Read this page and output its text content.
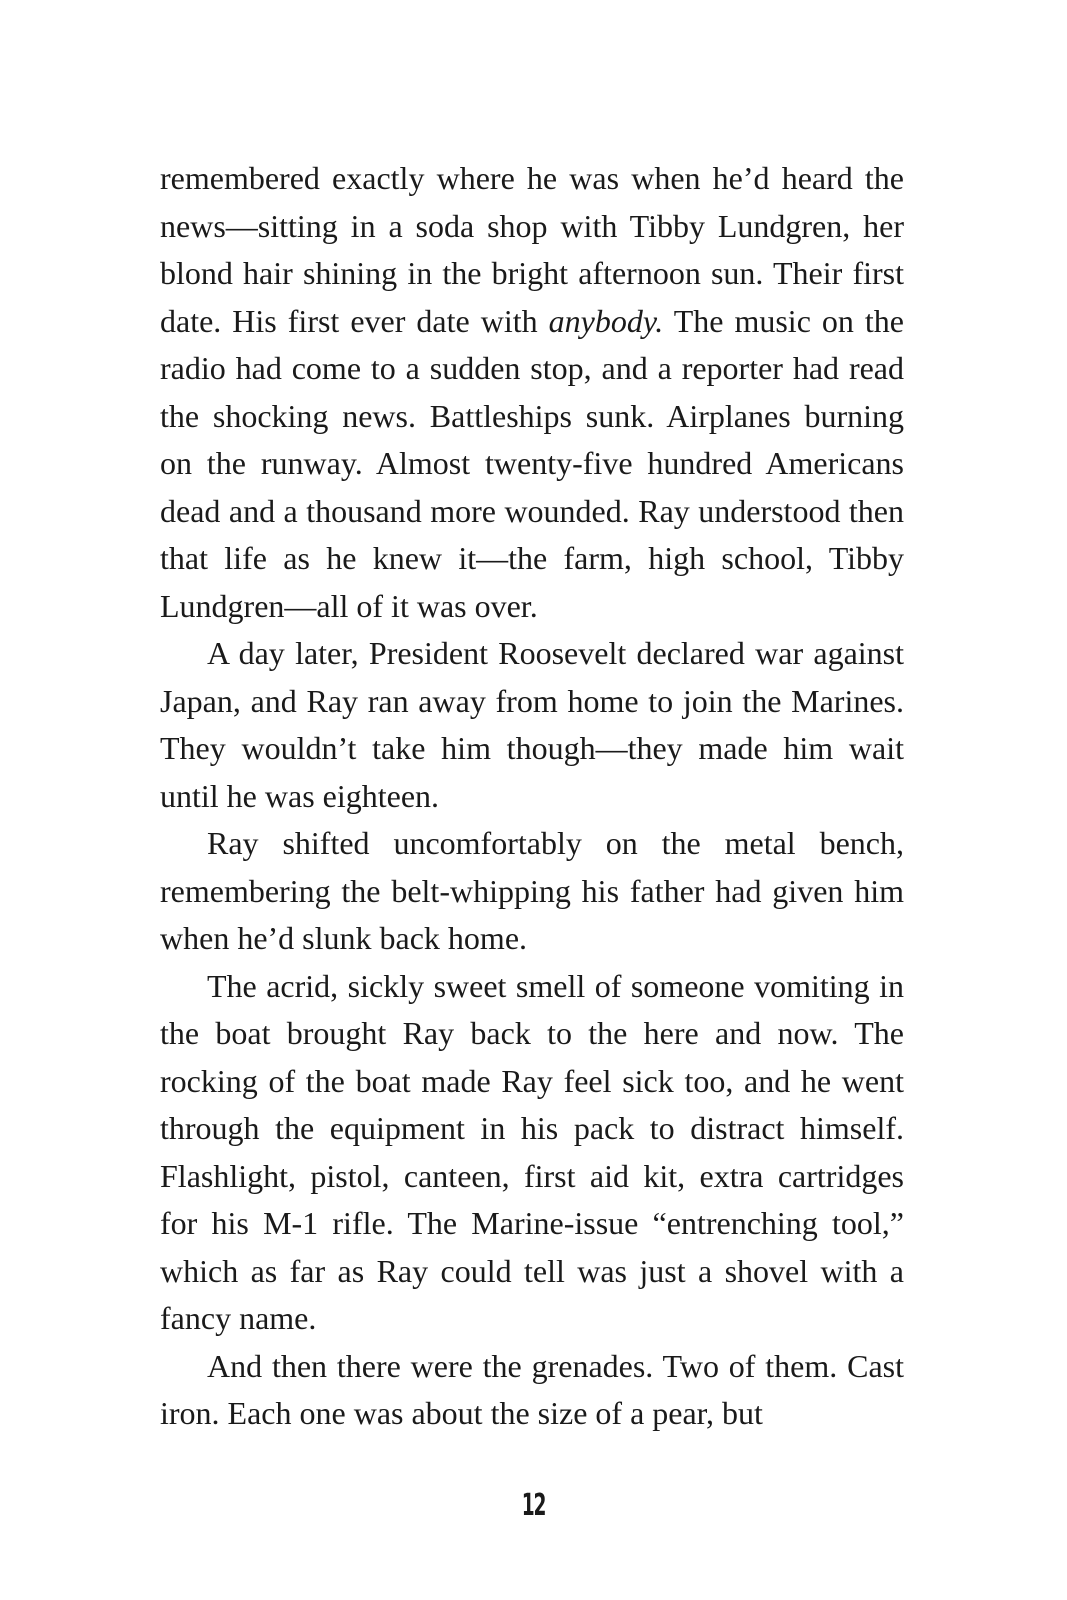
remembered exactly where he was when he’d heard the news—sitting in a soda shop with Tibby Lundgren, her blond hair shining in the bright afternoon sun. Their first date. His first ever date with anybody. The music on the radio had come to a sudden stop, and a reporter had read the shocking news. Battleships sunk. Airplanes burning on the runway. Almost twenty-five hundred Americans dead and a thousand more wounded. Ray understood then that life as he knew it—the farm, high school, Tibby Lundgren—all of it was over.

A day later, President Roosevelt declared war against Japan, and Ray ran away from home to join the Marines. They wouldn’t take him though—they made him wait until he was eighteen.

Ray shifted uncomfortably on the metal bench, remembering the belt-whipping his father had given him when he’d slunk back home.

The acrid, sickly sweet smell of someone vomiting in the boat brought Ray back to the here and now. The rocking of the boat made Ray feel sick too, and he went through the equipment in his pack to distract himself. Flashlight, pistol, canteen, first aid kit, extra cartridges for his M-1 rifle. The Marine-issue “entrenching tool,” which as far as Ray could tell was just a shovel with a fancy name.

And then there were the grenades. Two of them. Cast iron. Each one was about the size of a pear, but

12
